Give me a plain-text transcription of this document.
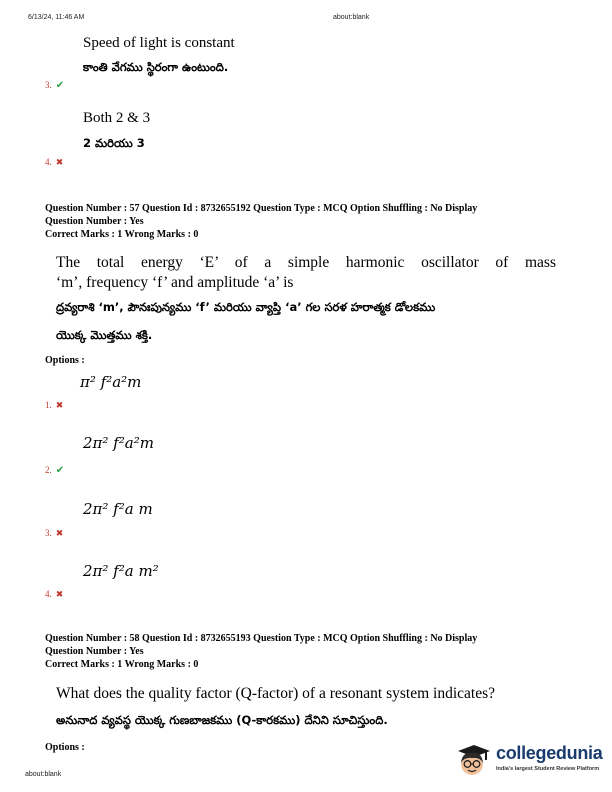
6/13/24, 11:46 AM	about:blank
Speed of light is constant
కాంతి వేగము స్థిరంగా ఉంటుంది.
3. ✔
Both 2 & 3
2 మరియు 3
4. ✖
Question Number : 57 Question Id : 8732655192 Question Type : MCQ Option Shuffling : No Display
Question Number : Yes
Correct Marks : 1 Wrong Marks : 0
The total energy ‘E’ of a simple harmonic oscillator of mass
‘m’, frequency ‘f’ and amplitude ‘a’ is
ద్రవ్యరాశి ‘m’, పౌనఃపున్యము ‘f’ మరియు వ్యాప్తి ‘a’ గల సరళ హరాత్మక డోలకము
యొక్క మొత్తము శక్తి.
Options :
π² f²a²m
1. ✖
2π² f²a²m
2. ✔
2π² f²a m
3. ✖
2π² f²a m²
4. ✖
Question Number : 58 Question Id : 8732655193 Question Type : MCQ Option Shuffling : No Display
Question Number : Yes
Correct Marks : 1 Wrong Marks : 0
What does the quality factor (Q-factor) of a resonant system indicates?
అనునాద వ్యవస్థ యొక్క గుణబాజకము (Q-కారకము) దేనిని సూచిస్తుంది.
Options :
about:blank
collegedunia
India's largest Student Review Platform
